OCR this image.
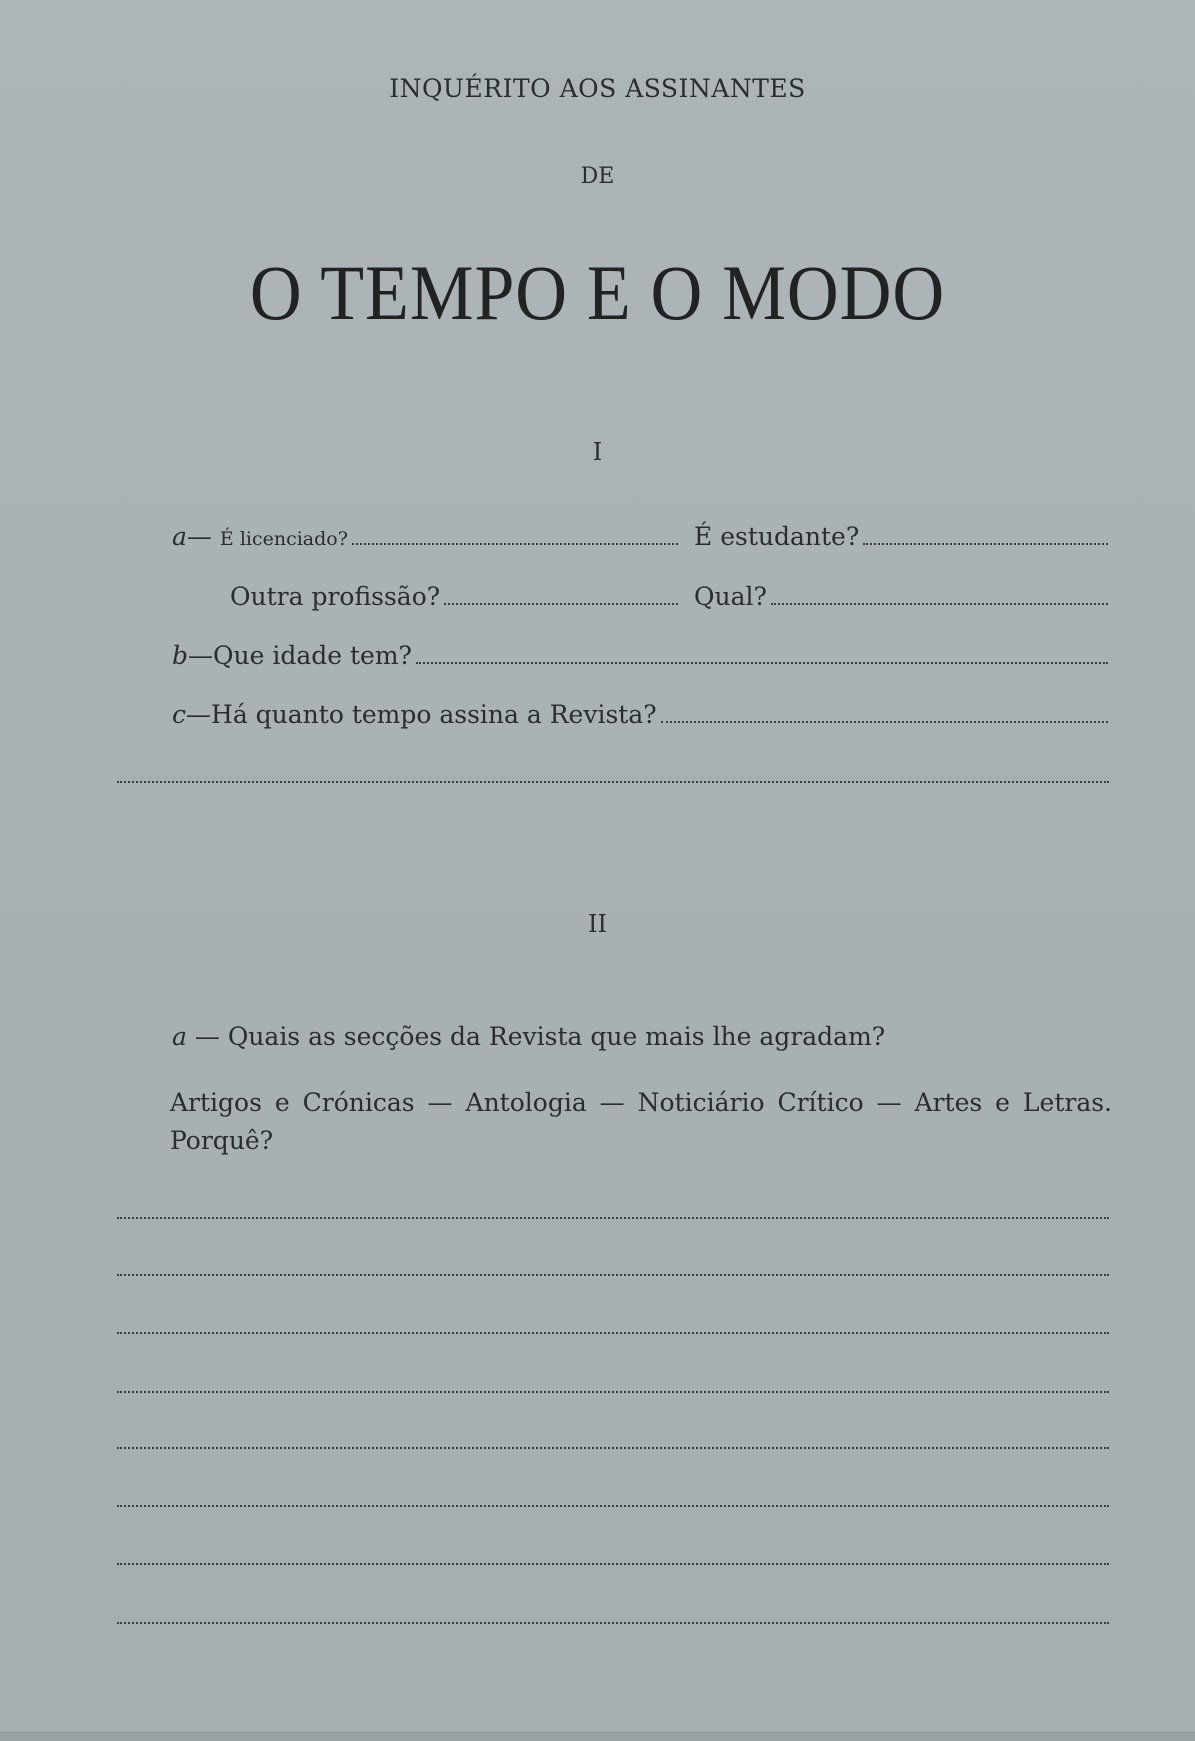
INQUÉRITO AOS ASSINANTES
DE
O TEMPO E O MODO
I
a — É licenciado?	É estudante?
Outra profissão?	Qual?
b — Que idade tem?
c — Há quanto tempo assina a Revista?
II
a — Quais as secções da Revista que mais lhe agradam?
Artigos e Crónicas — Antologia — Noticiário Crítico — Artes e Letras. Porquê?
